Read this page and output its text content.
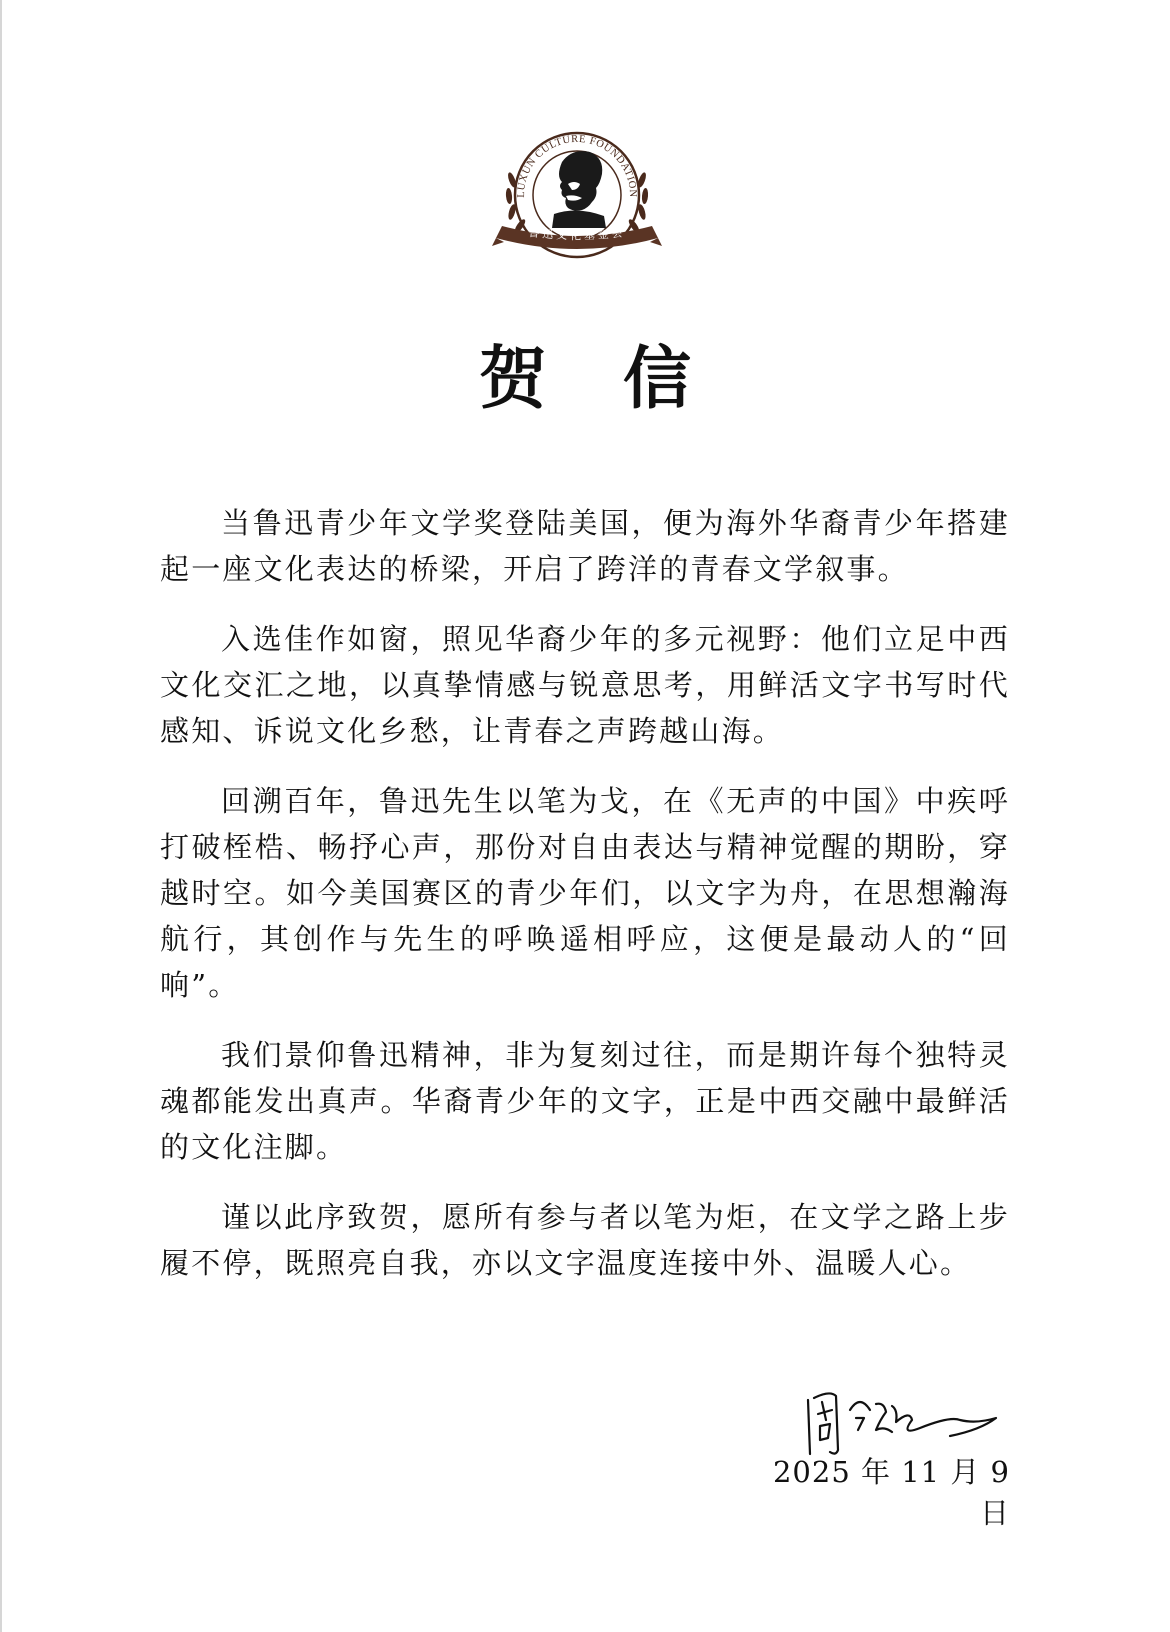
LUXUN CULTURE FOUNDATION
鲁迅文化基金会
贺信

当鲁迅青少年文学奖登陆美国，便为海外华裔青少年搭建起一座文化表达的桥梁，开启了跨洋的青春文学叙事。

入选佳作如窗，照见华裔少年的多元视野：他们立足中西文化交汇之地，以真挚情感与锐意思考，用鲜活文字书写时代感知、诉说文化乡愁，让青春之声跨越山海。

回溯百年，鲁迅先生以笔为戈，在《无声的中国》中疾呼打破桎梏、畅抒心声，那份对自由表达与精神觉醒的期盼，穿越时空。如今美国赛区的青少年们，以文字为舟，在思想瀚海航行，其创作与先生的呼唤遥相呼应，这便是最动人的“回响”。

我们景仰鲁迅精神，非为复刻过往，而是期许每个独特灵魂都能发出真声。华裔青少年的文字，正是中西交融中最鲜活的文化注脚。

谨以此序致贺，愿所有参与者以笔为炬，在文学之路上步履不停，既照亮自我，亦以文字温度连接中外、温暖人心。

2025 年 11 月 9 日
